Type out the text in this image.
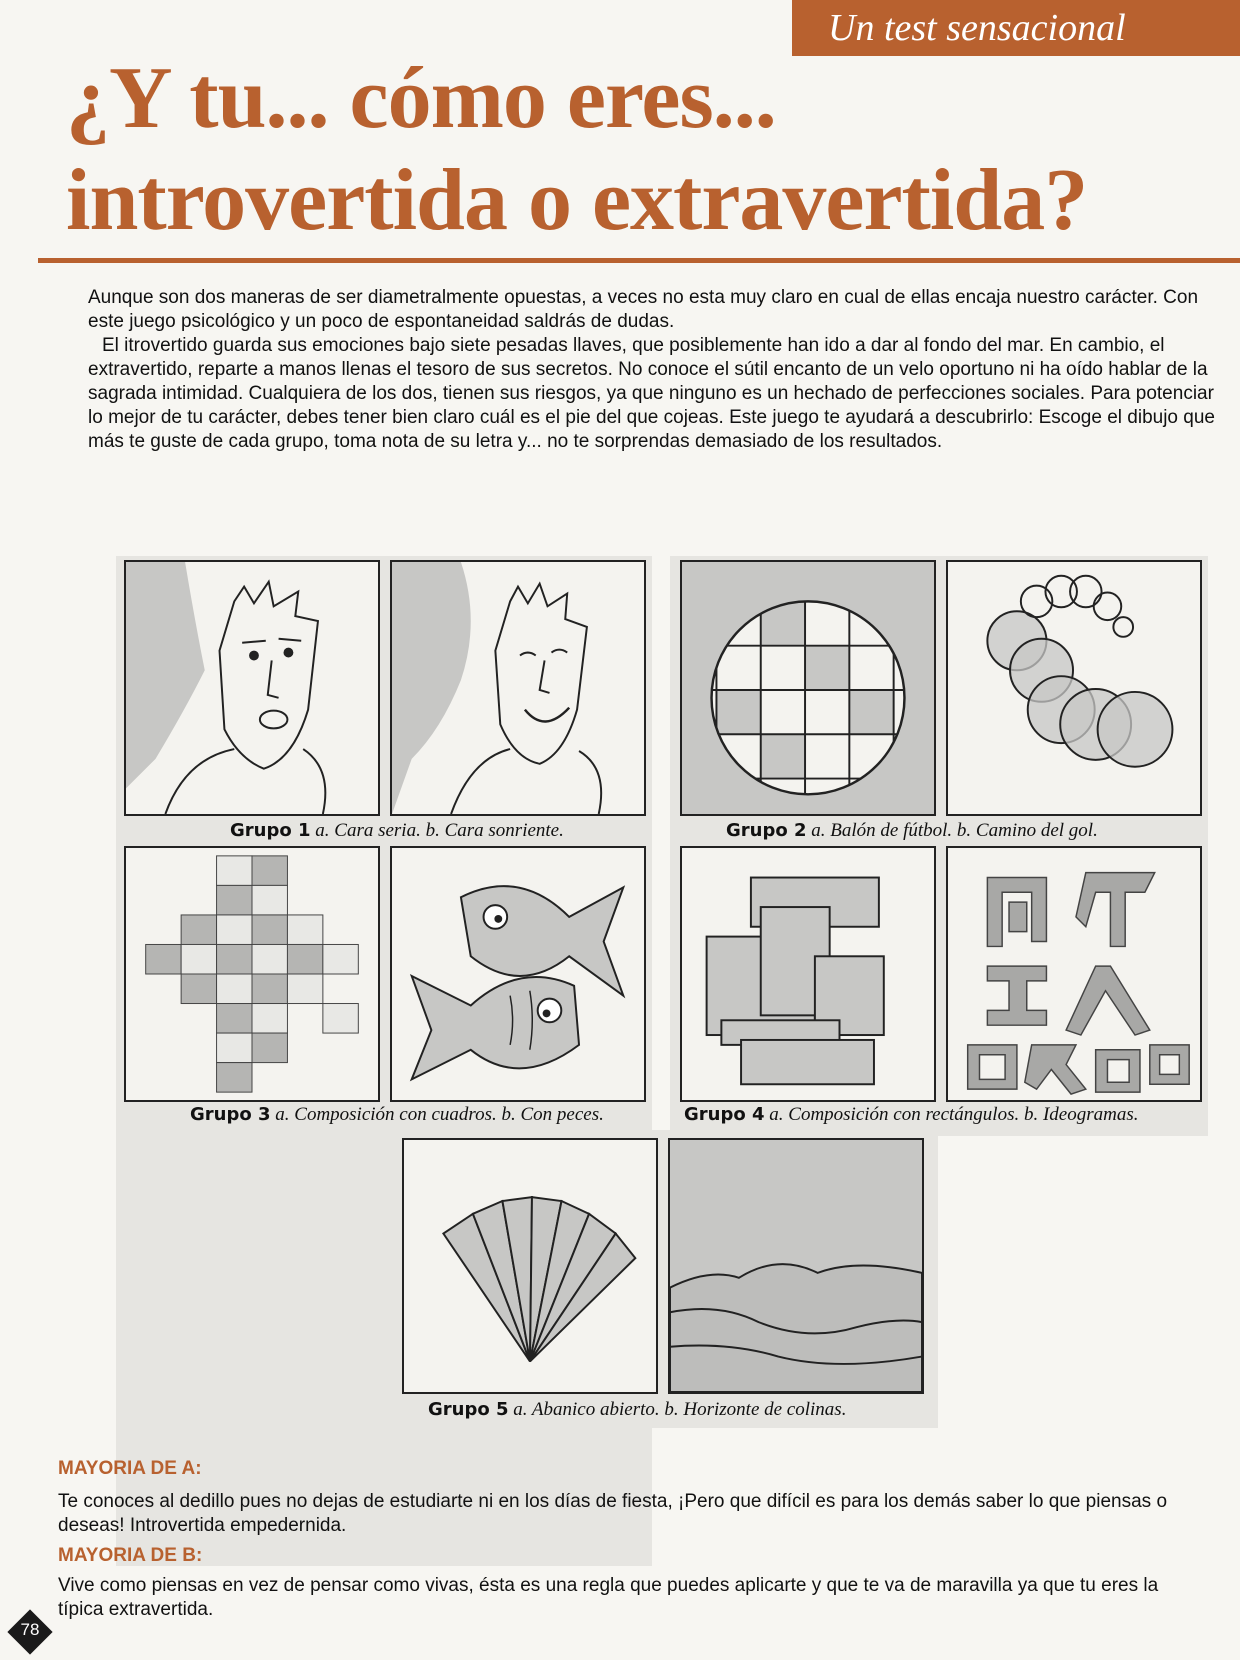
Un test sensacional
¿Y tu... cómo eres...
introvertida o extravertida?

Aunque son dos maneras de ser diametralmente opuestas, a veces no esta muy claro en cual de ellas encaja nuestro carácter. Con este juego psicológico y un poco de espontaneidad saldrás de dudas.

El itrovertido guarda sus emociones bajo siete pesadas llaves, que posiblemente han ido a dar al fondo del mar. En cambio, el extravertido, reparte a manos llenas el tesoro de sus secretos. No conoce el sútil encanto de un velo oportuno ni ha oído hablar de la sagrada intimidad. Cualquiera de los dos, tienen sus riesgos, ya que ninguno es un hechado de perfecciones sociales. Para potenciar lo mejor de tu carácter, debes tener bien claro cuál es el pie del que cojeas. Este juego te ayudará a descubrirlo: Escoge el dibujo que más te guste de cada grupo, toma nota de su letra y... no te sorprendas demasiado de los resultados.

Grupo 1 a. Cara seria. b. Cara sonriente.	Grupo 2 a. Balón de fútbol. b. Camino del gol.
Grupo 3 a. Composición con cuadros. b. Con peces.	Grupo 4 a. Composición con rectángulos. b. Ideogramas.
Grupo 5 a. Abanico abierto. b. Horizonte de colinas.
MAYORIA DE A:
Te conoces al dedillo pues no dejas de estudiarte ni en los días de fiesta, ¡Pero que difícil es para los demás saber lo que piensas o deseas! Introvertida empedernida.
MAYORIA DE B:
Vive como piensas en vez de pensar como vivas, ésta es una regla que puedes aplicarte y que te va de maravilla ya que tu eres la típica extravertida.
78
